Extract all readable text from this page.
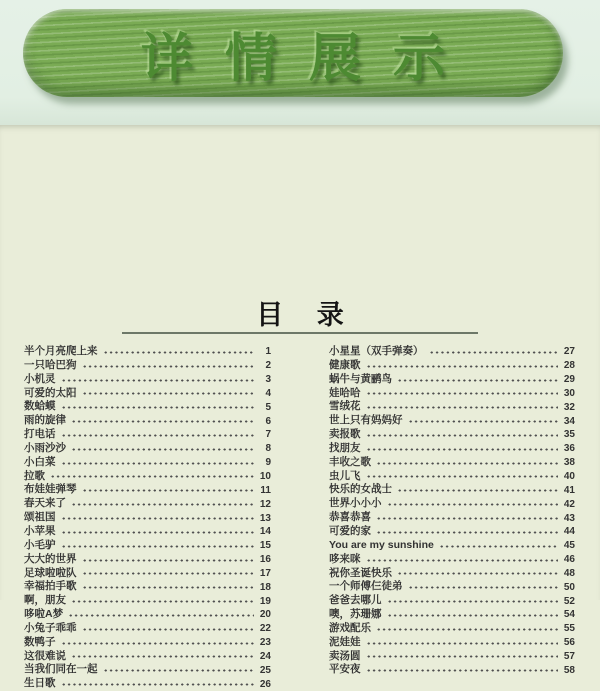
详情展示
目 录
半个月亮爬上来	1
一只哈巴狗	2
小机灵	3
可爱的太阳	4
数蛤蟆	5
雨的旋律	6
打电话	7
小雨沙沙	8
小白菜	9
拉歌	10
布娃娃弹琴	11
春天来了	12
颂祖国	13
小苹果	14
小毛驴	15
大大的世界	16
足球啦啦队	17
幸福拍手歌	18
啊，朋友	19
哆啦A梦	20
小兔子乖乖	22
数鸭子	23
这很难说	24
当我们同在一起	25
生日歌	26
小星星（双手弹奏）	27
健康歌	28
蜗牛与黄鹂鸟	29
娃哈哈	30
雪绒花	32
世上只有妈妈好	34
卖报歌	35
找朋友	36
丰收之歌	38
虫儿飞	40
快乐的女战士	41
世界小小小	42
恭喜恭喜	43
可爱的家	44
You are my sunshine	45
哆来咪	46
祝你圣诞快乐	48
一个师傅仨徒弟	50
爸爸去哪儿	52
噢，苏珊娜	54
游戏配乐	55
泥娃娃	56
卖汤圆	57
平安夜	58
